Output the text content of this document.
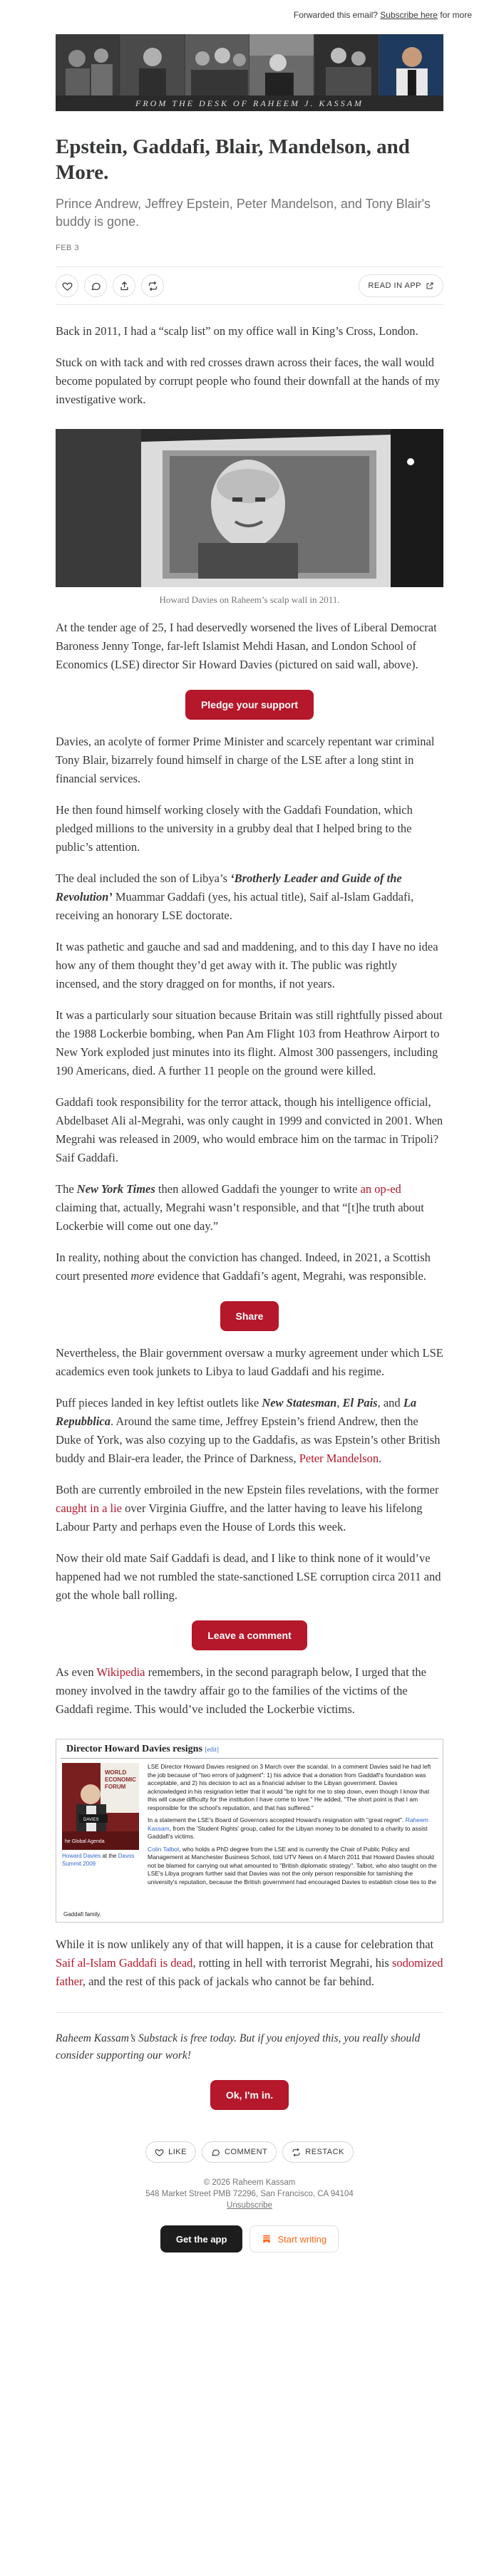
Forwarded this email? Subscribe here for more
FROM THE DESK OF RAHEEM J. KASSAM
Epstein, Gaddafi, Blair, Mandelson, and More.
Prince Andrew, Jeffrey Epstein, Peter Mandelson, and Tony Blair's buddy is gone.
FEB 3
READ IN APP

Back in 2011, I had a “scalp list” on my office wall in King’s Cross, London.

Stuck on with tack and with red crosses drawn across their faces, the wall would become populated by corrupt people who found their downfall at the hands of my investigative work.

Howard Davies on Raheem’s scalp wall in 2011.

At the tender age of 25, I had deservedly worsened the lives of Liberal Democrat Baroness Jenny Tonge, far-left Islamist Mehdi Hasan, and London School of Economics (LSE) director Sir Howard Davies (pictured on said wall, above).

Pledge your support

Davies, an acolyte of former Prime Minister and scarcely repentant war criminal Tony Blair, bizarrely found himself in charge of the LSE after a long stint in financial services.

He then found himself working closely with the Gaddafi Foundation, which pledged millions to the university in a grubby deal that I helped bring to the public’s attention.

The deal included the son of Libya’s ‘Brotherly Leader and Guide of the Revolution’ Muammar Gaddafi (yes, his actual title), Saif al-Islam Gaddafi, receiving an honorary LSE doctorate.

It was pathetic and gauche and sad and maddening, and to this day I have no idea how any of them thought they’d get away with it. The public was rightly incensed, and the story dragged on for months, if not years.

It was a particularly sour situation because Britain was still rightfully pissed about the 1988 Lockerbie bombing, when Pan Am Flight 103 from Heathrow Airport to New York exploded just minutes into its flight. Almost 300 passengers, including 190 Americans, died. A further 11 people on the ground were killed.

Gaddafi took responsibility for the terror attack, though his intelligence official, Abdelbaset Ali al-Megrahi, was only caught in 1999 and convicted in 2001. When Megrahi was released in 2009, who would embrace him on the tarmac in Tripoli? Saif Gaddafi.

The New York Times then allowed Gaddafi the younger to write an op-ed claiming that, actually, Megrahi wasn’t responsible, and that “[t]he truth about Lockerbie will come out one day.”

In reality, nothing about the conviction has changed. Indeed, in 2021, a Scottish court presented more evidence that Gaddafi’s agent, Megrahi, was responsible.

Share

Nevertheless, the Blair government oversaw a murky agreement under which LSE academics even took junkets to Libya to laud Gaddafi and his regime.

Puff pieces landed in key leftist outlets like New Statesman, El Pais, and La Repubblica. Around the same time, Jeffrey Epstein’s friend Andrew, then the Duke of York, was also cozying up to the Gaddafis, as was Epstein’s other British buddy and Blair-era leader, the Prince of Darkness, Peter Mandelson.

Both are currently embroiled in the new Epstein files revelations, with the former caught in a lie over Virginia Giuffre, and the latter having to leave his lifelong Labour Party and perhaps even the House of Lords this week.

Now their old mate Saif Gaddafi is dead, and I like to think none of it would’ve happened had we not rumbled the state-sanctioned LSE corruption circa 2011 and got the whole ball rolling.

Leave a comment

As even Wikipedia remembers, in the second paragraph below, I urged that the money involved in the tawdry affair go to the families of the victims of the Gaddafi regime. This would’ve included the Lockerbie victims.

Director Howard Davies resigns [edit]
WORLD
ECONOMIC
FORUM
DAVIES
he Global Agenda
Howard Davies at the Davos Summit 2009

LSE Director Howard Davies resigned on 3 March over the scandal. In a comment Davies said he had left the job because of "two errors of judgment": 1) his advice that a donation from Gaddafi's foundation was acceptable, and 2) his decision to act as a financial adviser to the Libyan government. Davies acknowledged in his resignation letter that it would "be right for me to step down, even though I know that this will cause difficulty for the institution I have come to love." He added, "The short point is that I am responsible for the school's reputation, and that has suffered."

In a statement the LSE's Board of Governors accepted Howard's resignation with "great regret". Raheem Kassam, from the 'Student Rights' group, called for the Libyan money to be donated to a charity to assist Gaddafi's victims.

Colin Talbot, who holds a PhD degree from the LSE and is currently the Chair of Public Policy and Management at Manchester Business School, told UTV News on 4 March 2011 that Howard Davies should not be blamed for carrying out what amounted to "British diplomatic strategy". Talbot, who also taught on the LSE's Libya program further said that Davies was not the only person responsible for tarnishing the university's reputation, because the British government had encouraged Davies to establish close ties to the

Gaddafi family.

While it is now unlikely any of that will happen, it is a cause for celebration that Saif al-Islam Gaddafi is dead, rotting in hell with terrorist Megrahi, his sodomized father, and the rest of this pack of jackals who cannot be far behind.

Raheem Kassam’s Substack is free today. But if you enjoyed this, you really should consider supporting our work!
Ok, I'm in.
LIKE	COMMENT	RESTACK
© 2026 Raheem Kassam
548 Market Street PMB 72296, San Francisco, CA 94104
Unsubscribe
Get the app	Start writing
